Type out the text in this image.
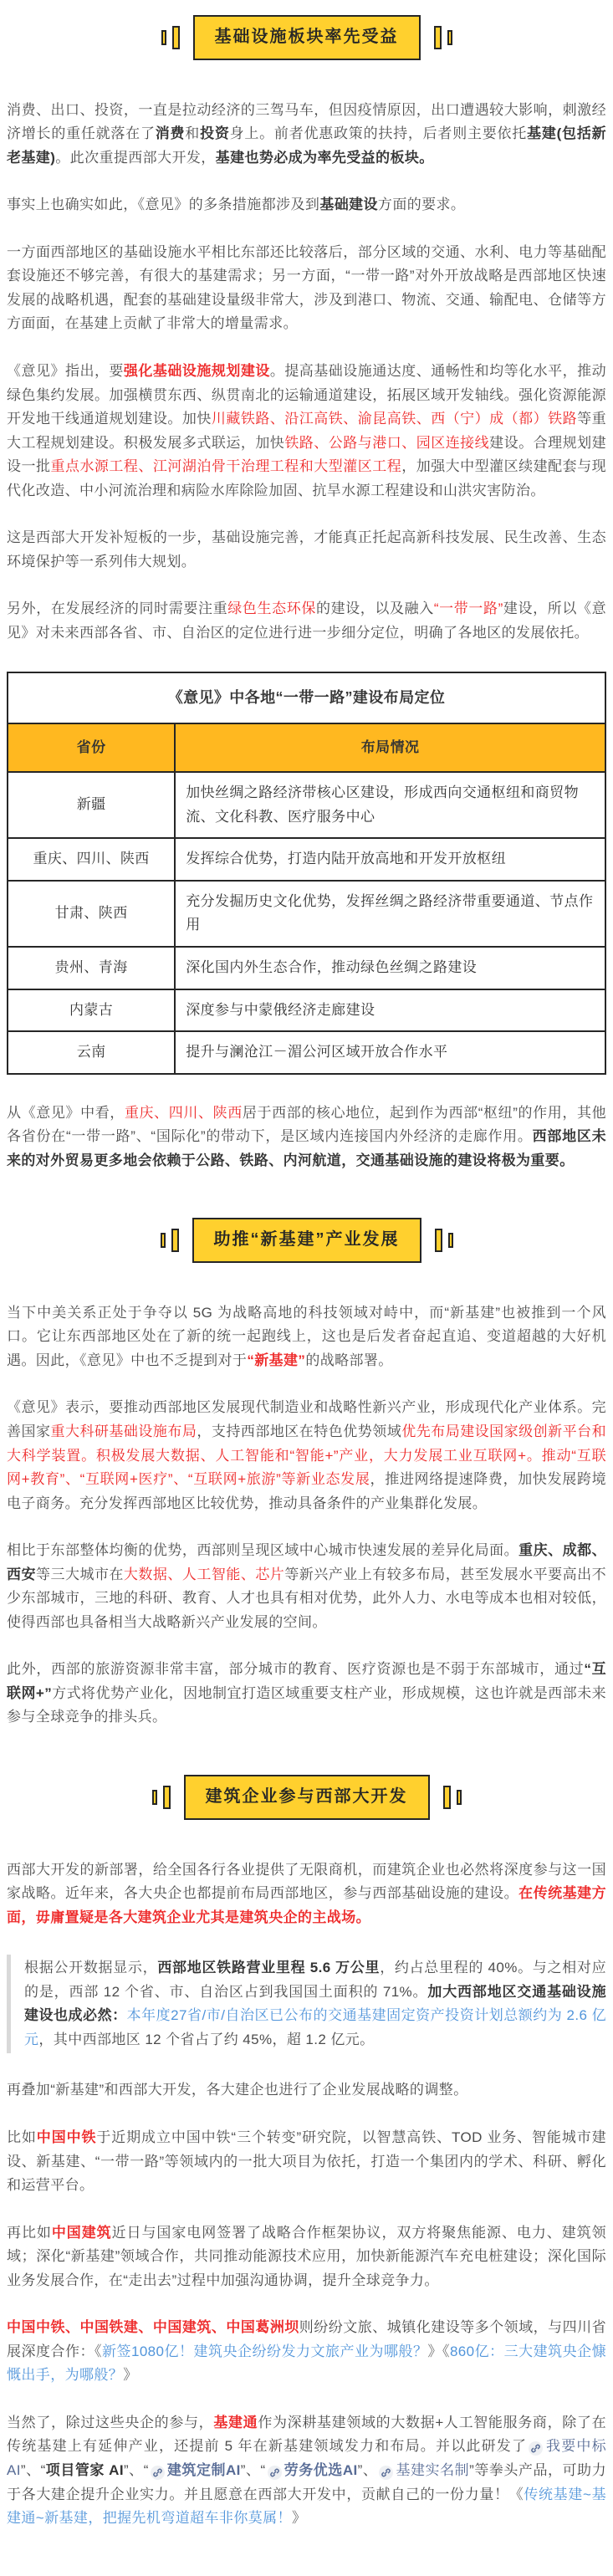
基础设施板块率先受益

消费、出口、投资，一直是拉动经济的三驾马车，但因疫情原因，出口遭遇较大影响，刺激经济增长的重任就落在了消费和投资身上。前者优惠政策的扶持，后者则主要依托基建(包括新老基建)。此次重提西部大开发，基建也势必成为率先受益的板块。

事实上也确实如此，《意见》的多条措施都涉及到基础建设方面的要求。

一方面西部地区的基础设施水平相比东部还比较落后，部分区域的交通、水利、电力等基础配套设施还不够完善，有很大的基建需求；另一方面，“一带一路”对外开放战略是西部地区快速发展的战略机遇，配套的基础建设量级非常大，涉及到港口、物流、交通、输配电、仓储等方方面面，在基建上贡献了非常大的增量需求。

《意见》指出，要强化基础设施规划建设。提高基础设施通达度、通畅性和均等化水平，推动绿色集约发展。加强横贯东西、纵贯南北的运输通道建设，拓展区域开发轴线。强化资源能源开发地干线通道规划建设。加快川藏铁路、沿江高铁、渝昆高铁、西（宁）成（都）铁路等重大工程规划建设。积极发展多式联运，加快铁路、公路与港口、园区连接线建设。合理规划建设一批重点水源工程、江河湖泊骨干治理工程和大型灌区工程，加强大中型灌区续建配套与现代化改造、中小河流治理和病险水库除险加固、抗旱水源工程建设和山洪灾害防治。

这是西部大开发补短板的一步，基础设施完善，才能真正托起高新科技发展、民生改善、生态环境保护等一系列伟大规划。

另外，在发展经济的同时需要注重绿色生态环保的建设，以及融入“一带一路”建设，所以《意见》对未来西部各省、市、自治区的定位进行进一步细分定位，明确了各地区的发展依托。

《意见》中各地“一带一路”建设布局定位	
省份	布局情况
新疆	加快丝绸之路经济带核心区建设，形成西向交通枢纽和商贸物流、文化科教、医疗服务中心
重庆、四川、陕西	发挥综合优势，打造内陆开放高地和开发开放枢纽
甘肃、陕西	充分发掘历史文化优势，发挥丝绸之路经济带重要通道、节点作用
贵州、青海	深化国内外生态合作，推动绿色丝绸之路建设
内蒙古	深度参与中蒙俄经济走廊建设
云南	提升与澜沧江－湄公河区域开放合作水平

从《意见》中看，重庆、四川、陕西居于西部的核心地位，起到作为西部“枢纽”的作用，其他各省份在“一带一路”、“国际化”的带动下，是区域内连接国内外经济的走廊作用。西部地区未来的对外贸易更多地会依赖于公路、铁路、内河航道，交通基础设施的建设将极为重要。

助推“新基建”产业发展

当下中美关系正处于争夺以 5G 为战略高地的科技领域对峙中，而“新基建”也被推到一个风口。它让东西部地区处在了新的统一起跑线上，这也是后发者奋起直追、变道超越的大好机遇。因此，《意见》中也不乏提到对于“新基建”的战略部署。

《意见》表示，要推动西部地区发展现代制造业和战略性新兴产业，形成现代化产业体系。完善国家重大科研基础设施布局，支持西部地区在特色优势领域优先布局建设国家级创新平台和大科学装置。积极发展大数据、人工智能和“智能+”产业，大力发展工业互联网+。推动“互联网+教育”、“互联网+医疗”、“互联网+旅游”等新业态发展，推进网络提速降费，加快发展跨境电子商务。充分发挥西部地区比较优势，推动具备条件的产业集群化发展。

相比于东部整体均衡的优势，西部则呈现区域中心城市快速发展的差异化局面。重庆、成都、西安等三大城市在大数据、人工智能、芯片等新兴产业上有较多布局，甚至发展水平要高出不少东部城市，三地的科研、教育、人才也具有相对优势，此外人力、水电等成本也相对较低，使得西部也具备相当大战略新兴产业发展的空间。

此外，西部的旅游资源非常丰富，部分城市的教育、医疗资源也是不弱于东部城市，通过“互联网+”方式将优势产业化，因地制宜打造区域重要支柱产业，形成规模，这也许就是西部未来参与全球竞争的排头兵。

建筑企业参与西部大开发

西部大开发的新部署，给全国各行各业提供了无限商机，而建筑企业也必然将深度参与这一国家战略。近年来，各大央企也都提前布局西部地区，参与西部基础设施的建设。在传统基建方面，毋庸置疑是各大建筑企业尤其是建筑央企的主战场。

根据公开数据显示，西部地区铁路营业里程 5.6 万公里，约占总里程的 40%。与之相对应的是，西部 12 个省、市、自治区占到我国国土面积的 71%。加大西部地区交通基础设施建设也成必然：本年度27省/市/自治区已公布的交通基建固定资产投资计划总额约为 2.6 亿元，其中西部地区 12 个省占了约 45%，超 1.2 亿元。

再叠加“新基建”和西部大开发，各大建企也进行了企业发展战略的调整。

比如中国中铁于近期成立中国中铁“三个转变”研究院，以智慧高铁、TOD 业务、智能城市建设、新基建、“一带一路”等领域内的一批大项目为依托，打造一个集团内的学术、科研、孵化和运营平台。

再比如中国建筑近日与国家电网签署了战略合作框架协议，双方将聚焦能源、电力、建筑领域；深化“新基建”领域合作，共同推动能源技术应用，加快新能源汽车充电桩建设；深化国际业务发展合作，在“走出去”过程中加强沟通协调，提升全球竞争力。

中国中铁、中国铁建、中国建筑、中国葛洲坝则纷纷文旅、城镇化建设等多个领域，与四川省展深度合作：《新签1080亿！建筑央企纷纷发力文旅产业为哪般？》《860亿：三大建筑央企慷慨出手，为哪般？》

当然了，除过这些央企的参与，基建通作为深耕基建领域的大数据+人工智能服务商，除了在传统基建上有延伸产业，还提前 5 年在新基建领域发力和布局。并以此研发了 我要中标AI”、“项目管家 AI”、“ 建筑定制AI”、“ 劳务优选AI”、 基建实名制”等拳头产品，可助力于各大建企提升企业实力。并且愿意在西部大开发中，贡献自己的一份力量！《传统基建~基建通~新基建，把握先机弯道超车非你莫属！》
